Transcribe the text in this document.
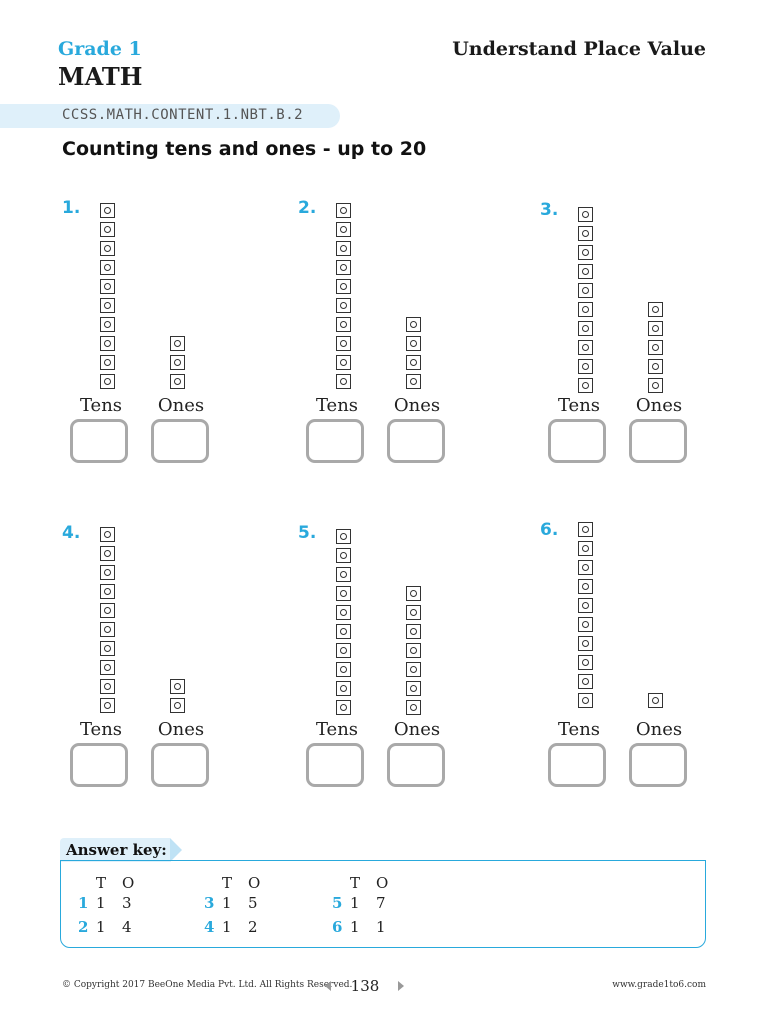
Grade 1
MATH
Understand Place Value
CCSS.MATH.CONTENT.1.NBT.B.2
Counting tens and ones - up to 20
1.
Tens	Ones
2.
Tens	Ones
3.
Tens	Ones
4.
Tens	Ones
5.
Tens	Ones
6.
Tens	Ones
Answer key:
T O	T O	T O
1 1 3	3 1 5	5 1 7
2 1 4	4 1 2	6 1 1
© Copyright 2017 BeeOne Media Pvt. Ltd. All Rights Reserved.
138	www.grade1to6.com
